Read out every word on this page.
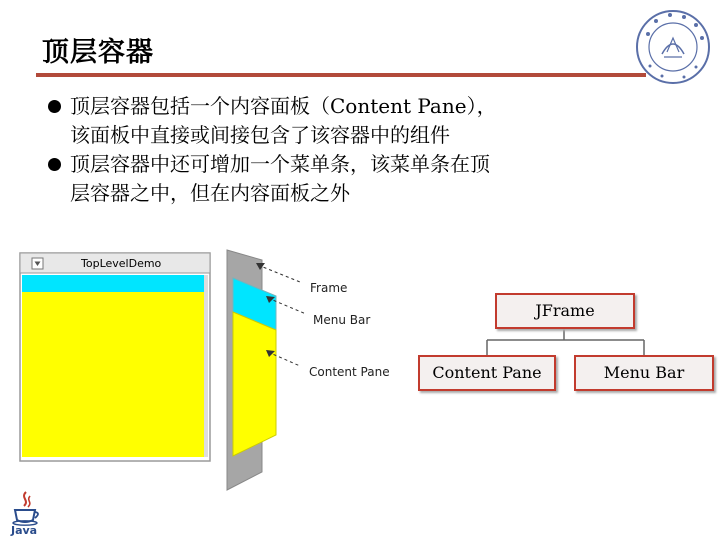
顶层容器
顶层容器包括一个内容面板（Content Pane），
该面板中直接或间接包含了该容器中的组件
顶层容器中还可增加一个菜单条，该菜单条在顶
层容器之中，但在内容面板之外
TopLevelDemo
Frame
Menu Bar
Content Pane
JFrame
Content Pane	Menu Bar
Java
